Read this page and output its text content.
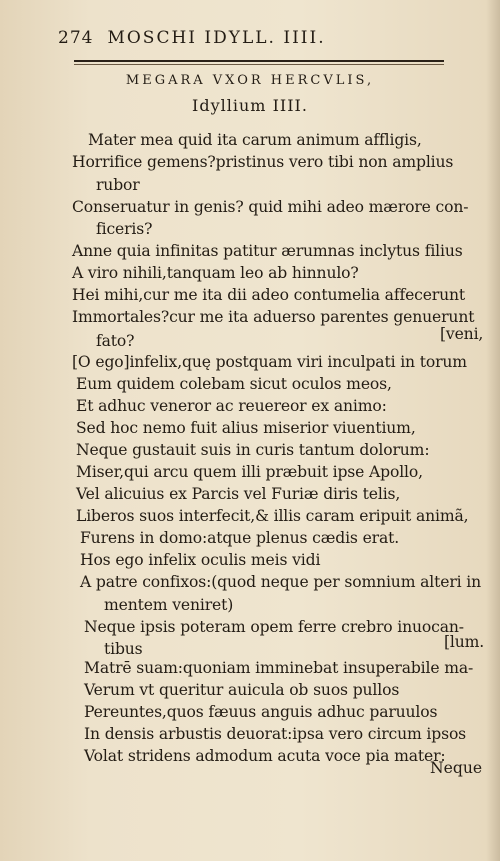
274 MOSCHI IDYLL. IIII.
MEGARA VXOR HERCVLIS,
Idyllium IIII.
Mater mea quid ita carum animum affligis,
Horrifice gemens?pristinus vero tibi non amplius
rubor
Conseruatur in genis? quid mihi adeo mærore con-
ficeris?
Anne quia infinitas patitur ærumnas inclytus filius
A viro nihili,tanquam leo ab hinnulo?
Hei mihi,cur me ita dii adeo contumelia affecerunt
Immortales?cur me ita aduerso parentes genuerunt
[veni,
fato?
[O ego]infelix,quę postquam viri inculpati in torum
Eum quidem colebam sicut oculos meos,
Et adhuc veneror ac reuereor ex animo:
Sed hoc nemo fuit alius miserior viuentium,
Neque gustauit suis in curis tantum dolorum:
Miser,qui arcu quem illi præbuit ipse Apollo,
Vel alicuius ex Parcis vel Furiæ diris telis,
Liberos suos interfecit,& illis caram eripuit animã,
Furens in domo:atque plenus cædis erat.
Hos ego infelix oculis meis vidi
A patre confixos:(quod neque per somnium alteri in
mentem veniret)
Neque ipsis poteram opem ferre crebro inuocan-
[lum.
tibus
Matrē suam:quoniam imminebat insuperabile ma-
Verum vt queritur auicula ob suos pullos
Pereuntes,quos fæuus anguis adhuc paruulos
In densis arbustis deuorat:ipsa vero circum ipsos
Volat stridens admodum acuta voce pia mater:
Neque
